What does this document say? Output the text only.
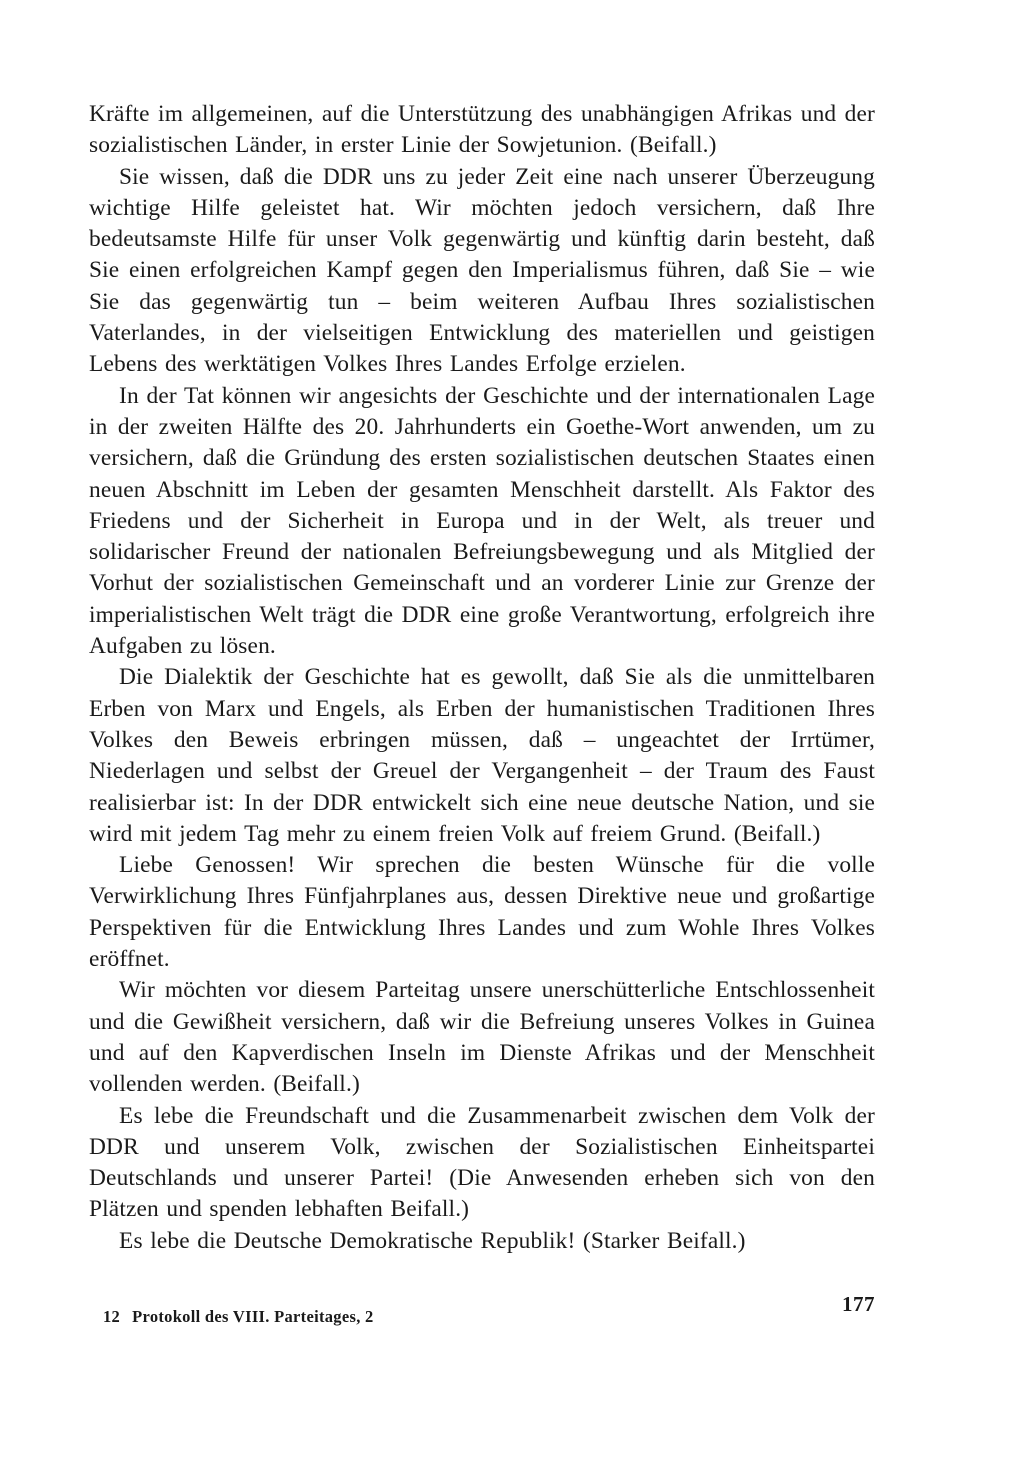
Kräfte im allgemeinen, auf die Unterstützung des unabhängigen Afrikas und der sozialistischen Länder, in erster Linie der Sowjetunion. (Beifall.)

Sie wissen, daß die DDR uns zu jeder Zeit eine nach unserer Überzeugung wichtige Hilfe geleistet hat. Wir möchten jedoch versichern, daß Ihre bedeutsamste Hilfe für unser Volk gegenwärtig und künftig darin besteht, daß Sie einen erfolgreichen Kampf gegen den Imperialismus führen, daß Sie – wie Sie das gegenwärtig tun – beim weiteren Aufbau Ihres sozialistischen Vaterlandes, in der vielseitigen Entwicklung des materiellen und geistigen Lebens des werktätigen Volkes Ihres Landes Erfolge erzielen.

In der Tat können wir angesichts der Geschichte und der internationalen Lage in der zweiten Hälfte des 20. Jahrhunderts ein Goethe-Wort anwenden, um zu versichern, daß die Gründung des ersten sozialistischen deutschen Staates einen neuen Abschnitt im Leben der gesamten Menschheit darstellt. Als Faktor des Friedens und der Sicherheit in Europa und in der Welt, als treuer und solidarischer Freund der nationalen Befreiungsbewegung und als Mitglied der Vorhut der sozialistischen Gemeinschaft und an vorderer Linie zur Grenze der imperialistischen Welt trägt die DDR eine große Verantwortung, erfolgreich ihre Aufgaben zu lösen.

Die Dialektik der Geschichte hat es gewollt, daß Sie als die unmittelbaren Erben von Marx und Engels, als Erben der humanistischen Traditionen Ihres Volkes den Beweis erbringen müssen, daß – ungeachtet der Irrtümer, Niederlagen und selbst der Greuel der Vergangenheit – der Traum des Faust realisierbar ist: In der DDR entwickelt sich eine neue deutsche Nation, und sie wird mit jedem Tag mehr zu einem freien Volk auf freiem Grund. (Beifall.)

Liebe Genossen! Wir sprechen die besten Wünsche für die volle Verwirklichung Ihres Fünfjahrplanes aus, dessen Direktive neue und großartige Perspektiven für die Entwicklung Ihres Landes und zum Wohle Ihres Volkes eröffnet.

Wir möchten vor diesem Parteitag unsere unerschütterliche Entschlossenheit und die Gewißheit versichern, daß wir die Befreiung unseres Volkes in Guinea und auf den Kapverdischen Inseln im Dienste Afrikas und der Menschheit vollenden werden. (Beifall.)

Es lebe die Freundschaft und die Zusammenarbeit zwischen dem Volk der DDR und unserem Volk, zwischen der Sozialistischen Einheitspartei Deutschlands und unserer Partei! (Die Anwesenden erheben sich von den Plätzen und spenden lebhaften Beifall.)

Es lebe die Deutsche Demokratische Republik! (Starker Beifall.)

12 Protokoll des VIII. Parteitages, 2
177
